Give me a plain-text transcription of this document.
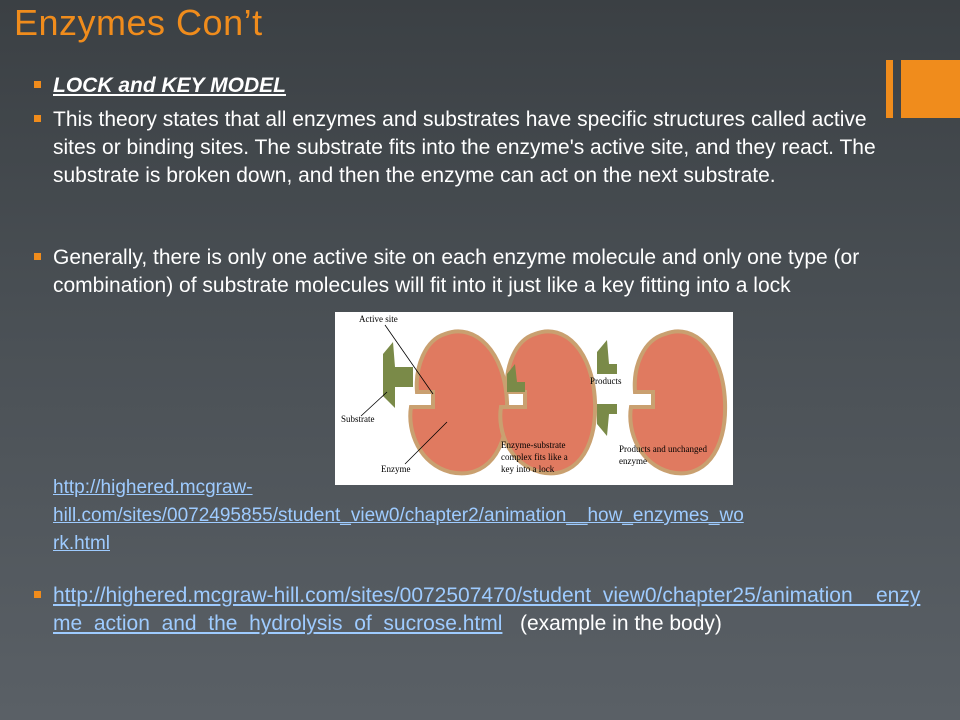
Enzymes Con’t
LOCK and KEY MODEL
This theory states that all enzymes and substrates have specific structures called active sites or binding sites. The substrate fits into the enzyme's active site, and they react. The substrate is broken down, and then the enzyme can act on the next substrate.
Generally, there is only one active site on each enzyme molecule and only one type (or combination) of substrate molecules will fit into it just like a key fitting into a lock
Active site
Substrate
Enzyme
Enzyme-substrate
complex fits like a
key into a lock
Products
Products and unchanged
enzyme
http://highered.mcgraw-
hill.com/sites/0072495855/student_view0/chapter2/animation__how_enzymes_wo
rk.html
http://highered.mcgraw-hill.com/sites/0072507470/student_view0/chapter25/animation__enzyme_action_and_the_hydrolysis_of_sucrose.html (example in the body)
